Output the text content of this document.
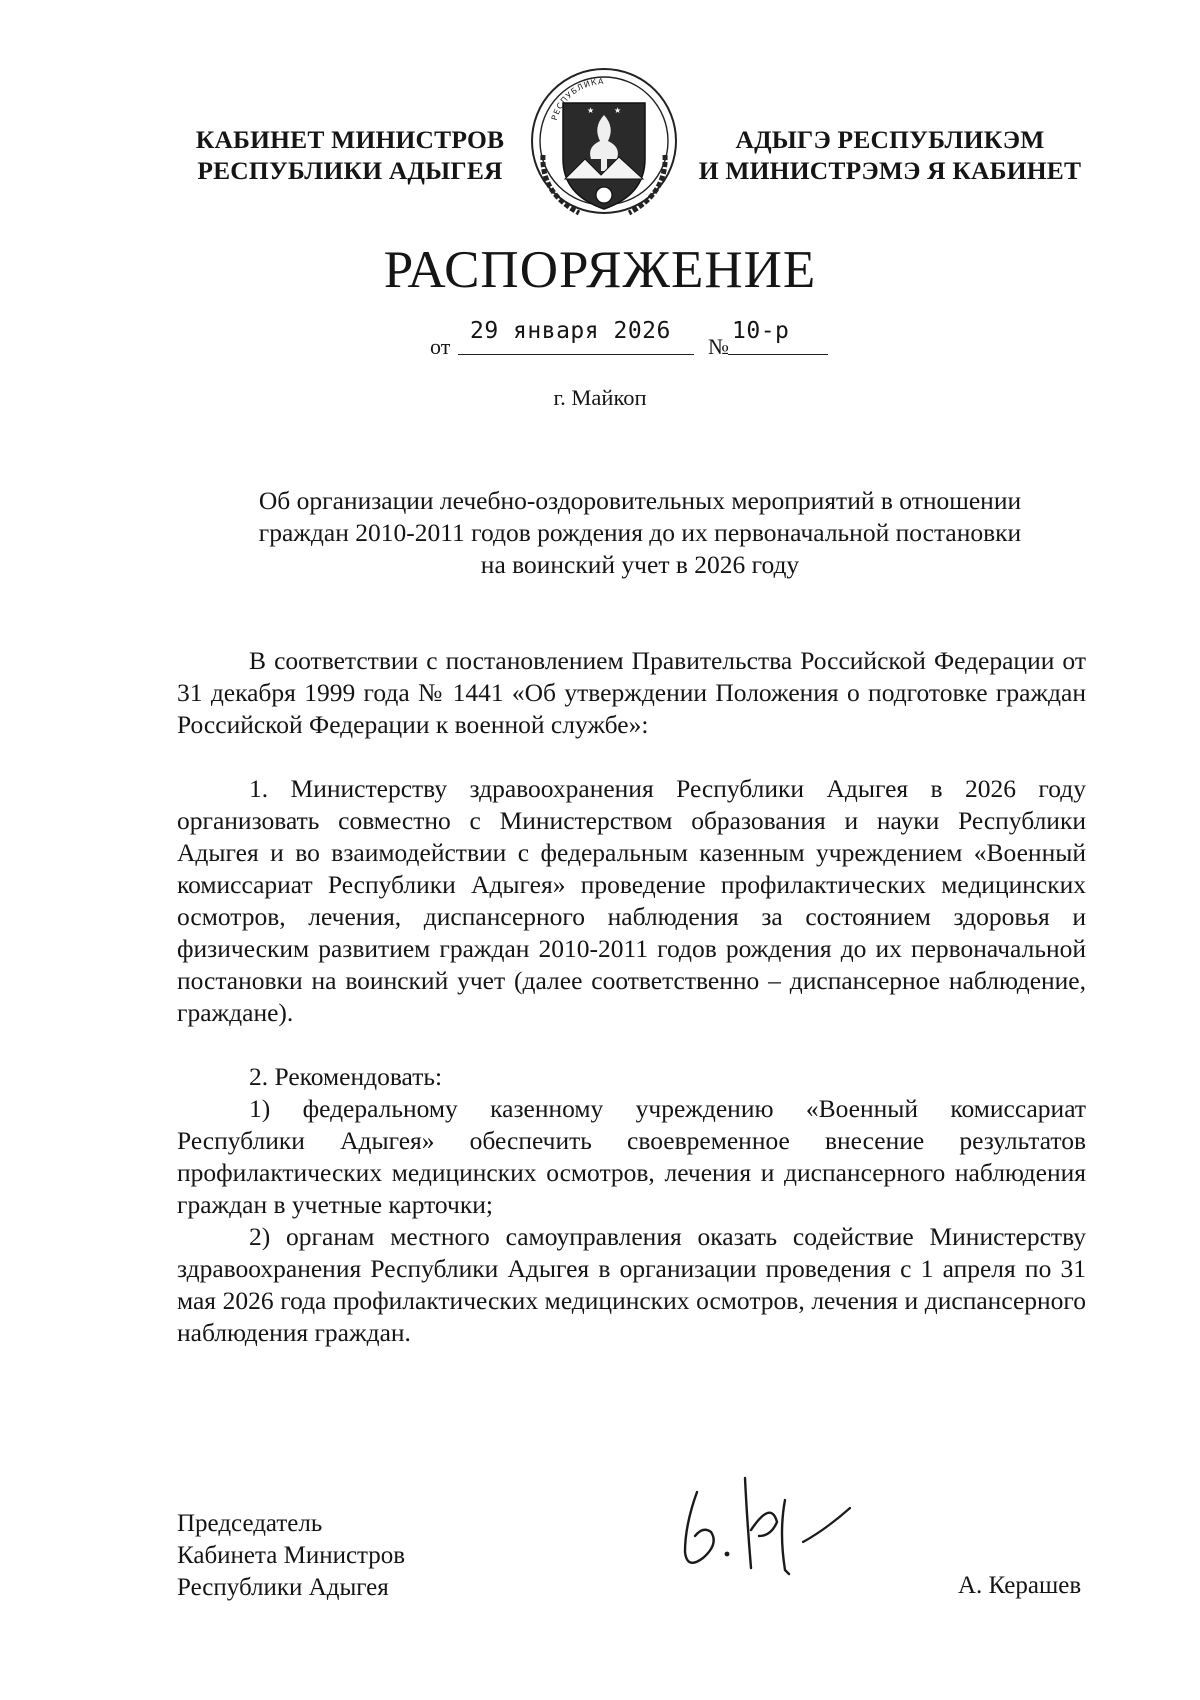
КАБИНЕТ МИНИСТРОВ
РЕСПУБЛИКИ АДЫГЕЯ
★ ★
РЕСПУБЛИКА
АДЫГЭ РЕСПУБЛИКЭМ
И МИНИСТРЭМЭ Я КАБИНЕТ
РАСПОРЯЖЕНИЕ
от
29 января 2026
№
10-р
г. Майкоп
Об организации лечебно-оздоровительных мероприятий в отношении
граждан 2010-2011 годов рождения до их первоначальной постановки
на воинский учет в 2026 году

В соответствии с постановлением Правительства Российской Федерации от 31 декабря 1999 года № 1441 «Об утверждении Положения о подготовке граждан Российской Федерации к военной службе»:

1. Министерству здравоохранения Республики Адыгея в 2026 году организовать совместно с Министерством образования и науки Республики Адыгея и во взаимодействии с федеральным казенным учреждением «Военный комиссариат Республики Адыгея» проведение профилактических медицинских осмотров, лечения, диспансерного наблюдения за состоянием здоровья и физическим развитием граждан 2010-2011 годов рождения до их первоначальной постановки на воинский учет (далее соответственно – диспансерное наблюдение, граждане).

2. Рекомендовать:

1) федеральному казенному учреждению «Военный комиссариат Республики Адыгея» обеспечить своевременное внесение результатов профилактических медицинских осмотров, лечения и диспансерного наблюдения граждан в учетные карточки;

2) органам местного самоуправления оказать содействие Министерству здравоохранения Республики Адыгея в организации проведения с 1 апреля по 31 мая 2026 года профилактических медицинских осмотров, лечения и диспансерного наблюдения граждан.

Председатель
Кабинета Министров
Республики Адыгея	А. Керашев
